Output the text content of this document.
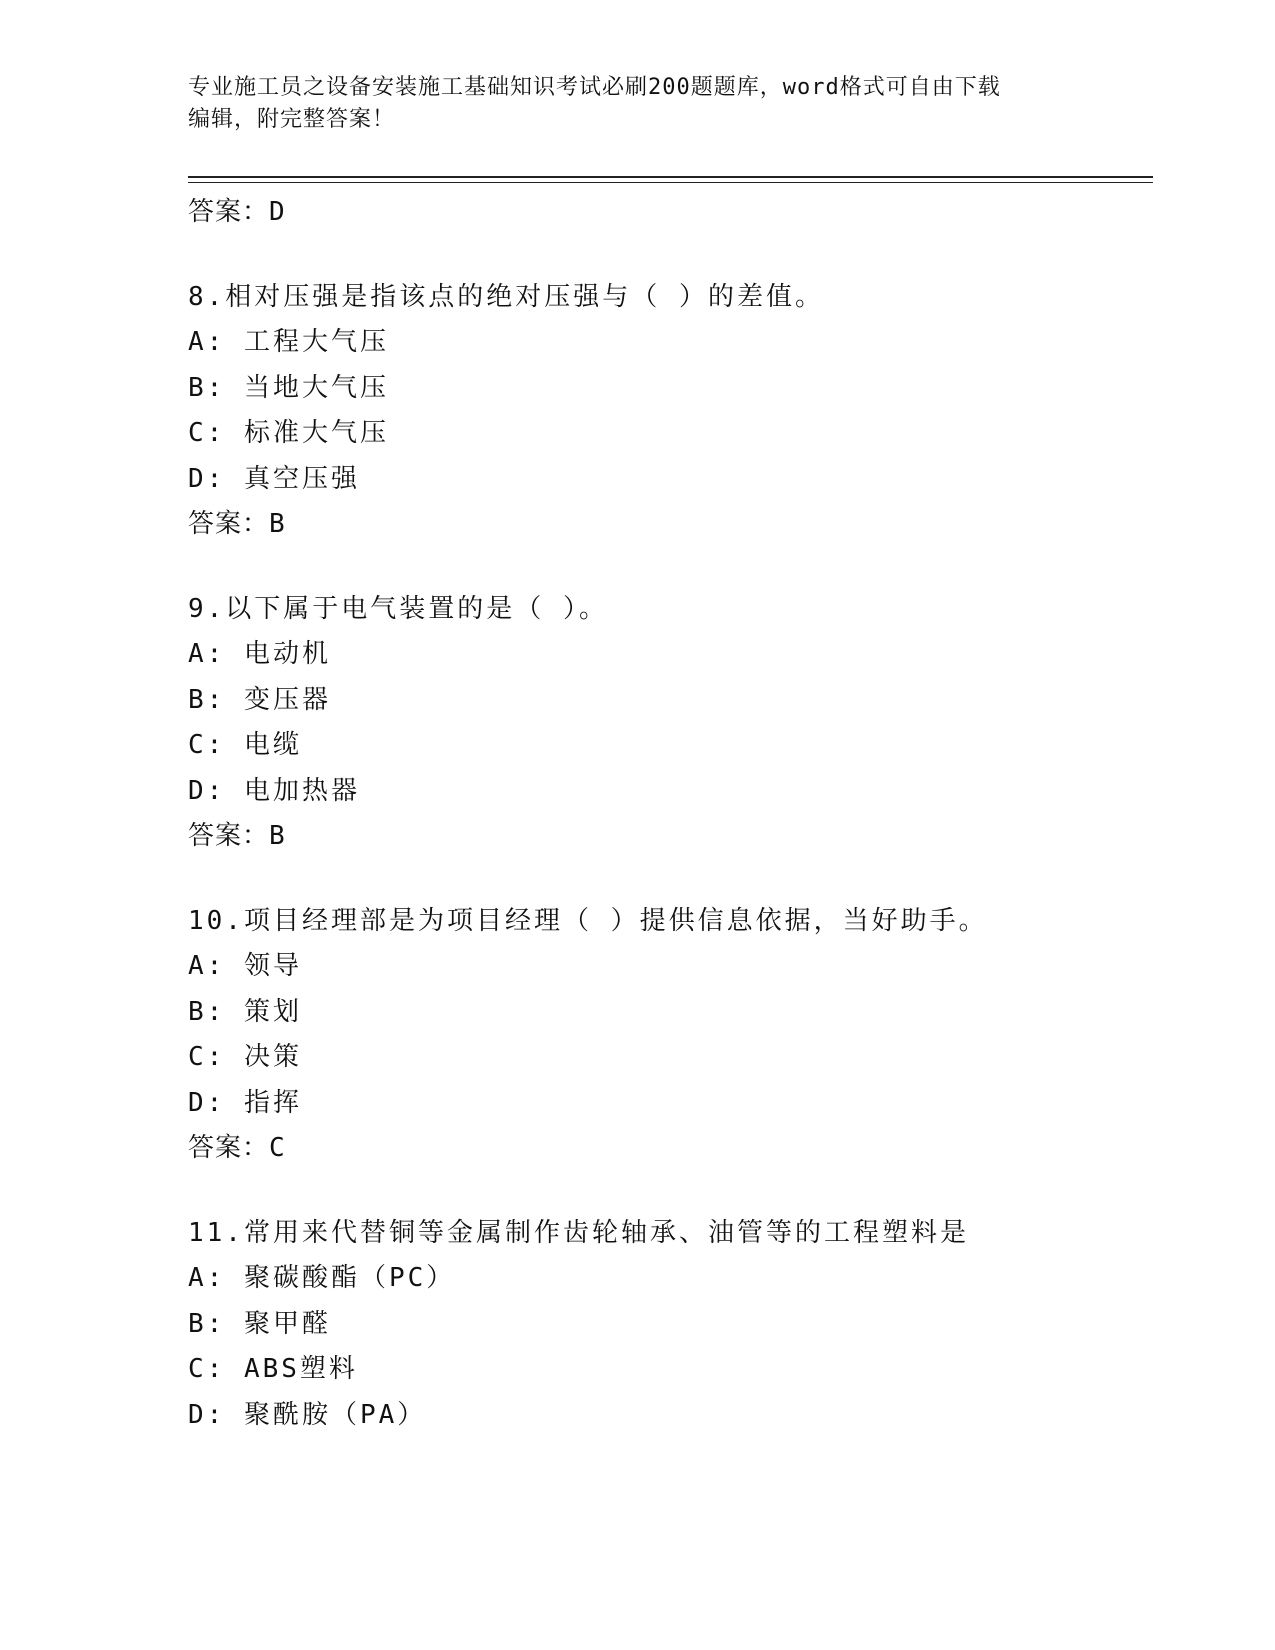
专业施工员之设备安装施工基础知识考试必刷200题题库，word格式可自由下载
编辑，附完整答案！
答案：D
8.相对压强是指该点的绝对压强与（ ）的差值。
A: 工程大气压
B: 当地大气压
C: 标准大气压
D: 真空压强
答案：B
9.以下属于电气装置的是（ ）。
A: 电动机
B: 变压器
C: 电缆
D: 电加热器
答案：B
10.项目经理部是为项目经理（ ）提供信息依据，当好助手。
A: 领导
B: 策划
C: 决策
D: 指挥
答案：C
11.常用来代替铜等金属制作齿轮轴承、油管等的工程塑料是
A: 聚碳酸酯（PC）
B: 聚甲醛
C: ABS塑料
D: 聚酰胺（PA）
